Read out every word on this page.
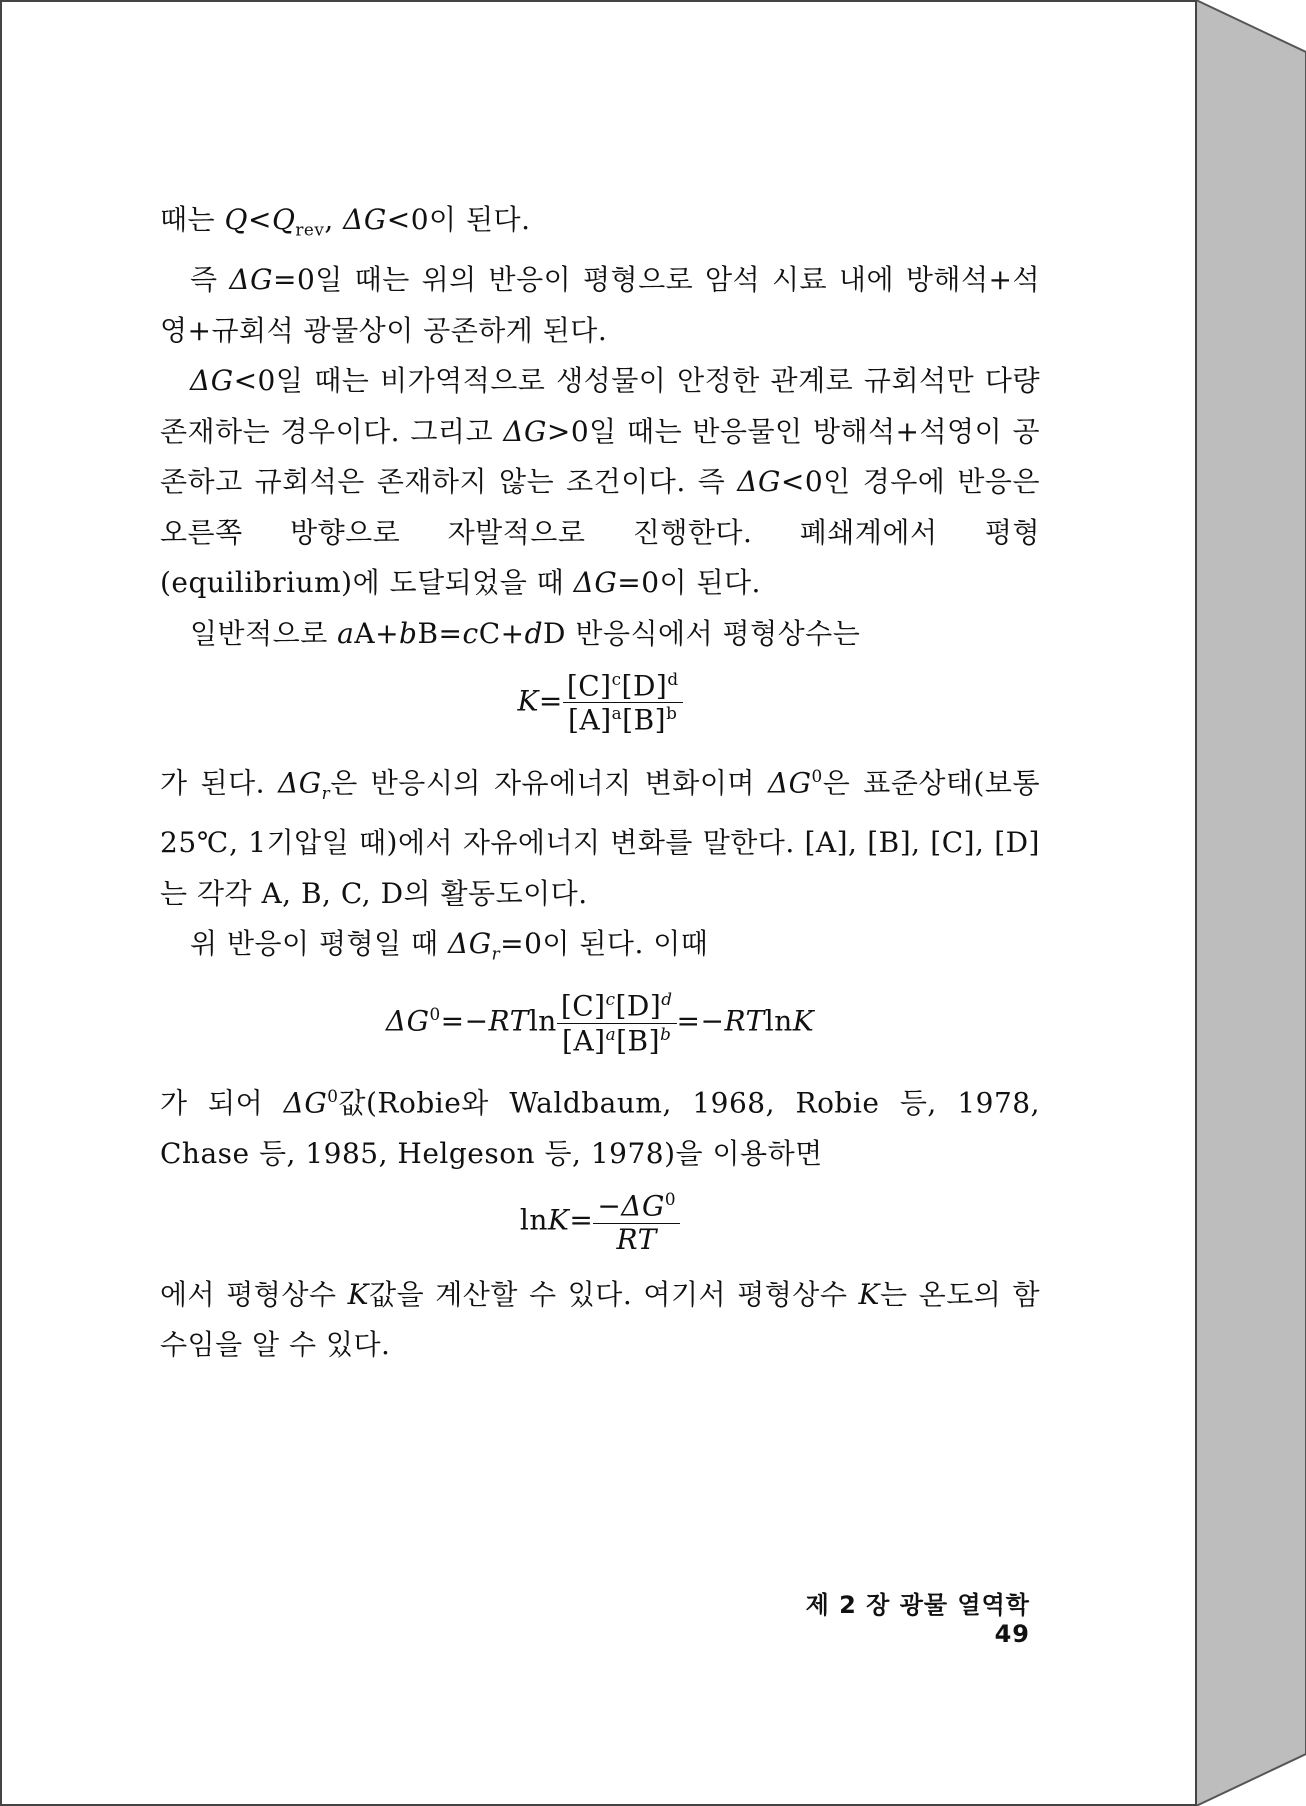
때는 $Q<Q_{rev}$, ΔG<0이 된다.

즉 ΔG=0일 때는 위의 반응이 평형으로 암석 시료 내에 방해석+석영+규회석 광물상이 공존하게 된다.

ΔG<0일 때는 비가역적으로 생성물이 안정한 관계로 규회석만 다량 존재하는 경우이다. 그리고 ΔG>0일 때는 반응물인 방해석+석영이 공존하고 규회석은 존재하지 않는 조건이다. 즉 ΔG<0인 경우에 반응은 오른쪽 방향으로 자발적으로 진행한다. 폐쇄계에서 평형(equilibrium)에 도달되었을 때 ΔG=0이 된다.

일반적으로 aA+bB=cC+dD 반응식에서 평형상수는

$K= \frac{[C]^c[D]^d}{[A]^a[B]^b}$

가 된다. $\Delta G_r$은 반응시의 자유에너지 변화이며 $\Delta G^0$은 표준상태(보통 25℃, 1기압일 때)에서 자유에너지 변화를 말한다. [A], [B], [C], [D]는 각각 A, B, C, D의 활동도이다.

위 반응이 평형일 때 $\Delta G_r=0$이 된다. 이때

$\Delta G^0=-RTln \frac{[C]^c[D]^d}{[A]^a[B]^b} =-RTlnK$

가 되어 $\Delta G^0$값(Robie와 Waldbaum, 1968, Robie 등, 1978, Chase 등, 1985, Helgeson 등, 1978)을 이용하면

$\ln K= \frac{-\Delta G^0}{RT}$

에서 평형상수 K값을 계산할 수 있다. 여기서 평형상수 K는 온도의 함수임을 알 수 있다.

제 2 장 광물 열역학 49
